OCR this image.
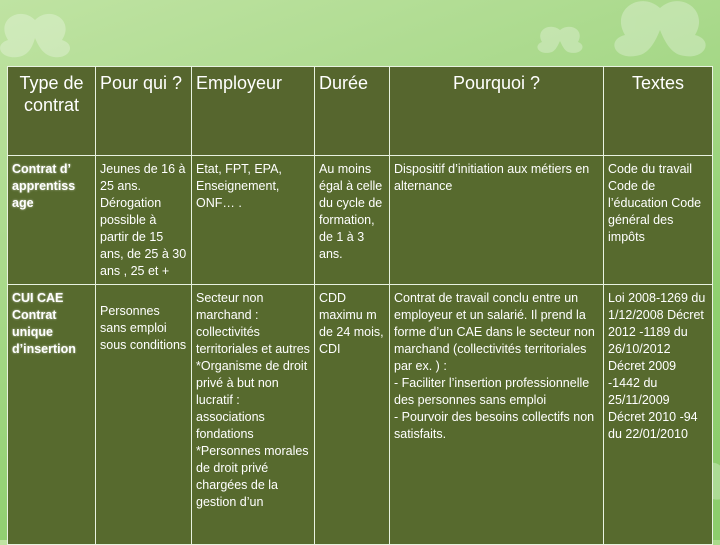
Type de contrat	Pour qui ?	Employeur	Durée	Pourquoi ?	Textes
Contrat d’ apprentiss age	Jeunes de 16 à 25 ans. Dérogation possible à partir de 15 ans, de 25 à 30 ans , 25 et +	Etat, FPT, EPA, Enseignement, ONF… .	Au moins égal à celle du cycle de formation, de 1 à 3 ans.	Dispositif d’initiation aux métiers en alternance	Code du travail Code de l’éducation Code général des impôts
CUI CAE Contrat unique d’insertion	Personnes sans emploi sous conditions	Secteur non marchand : collectivités territoriales et autres *Organisme de droit privé à but non lucratif : associations fondations *Personnes morales de droit privé chargées de la gestion d’un	CDD maximu m de 24 mois, CDI	Contrat de travail conclu entre un employeur et un salarié. Il prend la forme d’un CAE dans le secteur non marchand (collectivités territoriales par ex. ) :
- Faciliter l’insertion professionnelle des personnes sans emploi
- Pourvoir des besoins collectifs non satisfaits.	Loi 2008-1269 du 1/12/2008 Décret 2012 -1189 du 26/10/2012 Décret 2009 -1442 du 25/11/2009 Décret 2010 -94 du 22/01/2010
